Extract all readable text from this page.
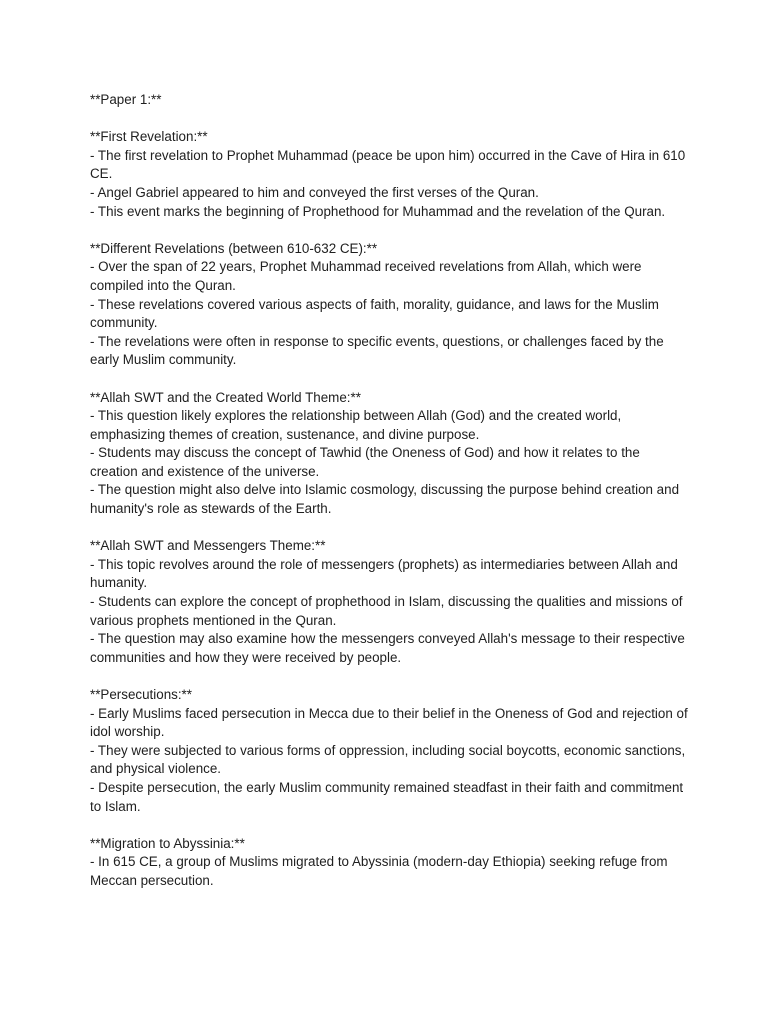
**Paper 1:**

**First Revelation:**

- The first revelation to Prophet Muhammad (peace be upon him) occurred in the Cave of Hira in 610 CE.

- Angel Gabriel appeared to him and conveyed the first verses of the Quran.

- This event marks the beginning of Prophethood for Muhammad and the revelation of the Quran.

**Different Revelations (between 610-632 CE):**

- Over the span of 22 years, Prophet Muhammad received revelations from Allah, which were compiled into the Quran.

- These revelations covered various aspects of faith, morality, guidance, and laws for the Muslim community.

- The revelations were often in response to specific events, questions, or challenges faced by the early Muslim community.

**Allah SWT and the Created World Theme:**

- This question likely explores the relationship between Allah (God) and the created world, emphasizing themes of creation, sustenance, and divine purpose.

- Students may discuss the concept of Tawhid (the Oneness of God) and how it relates to the creation and existence of the universe.

- The question might also delve into Islamic cosmology, discussing the purpose behind creation and humanity's role as stewards of the Earth.

**Allah SWT and Messengers Theme:**

- This topic revolves around the role of messengers (prophets) as intermediaries between Allah and humanity.

- Students can explore the concept of prophethood in Islam, discussing the qualities and missions of various prophets mentioned in the Quran.

- The question may also examine how the messengers conveyed Allah's message to their respective communities and how they were received by people.

**Persecutions:**

- Early Muslims faced persecution in Mecca due to their belief in the Oneness of God and rejection of idol worship.

- They were subjected to various forms of oppression, including social boycotts, economic sanctions, and physical violence.

- Despite persecution, the early Muslim community remained steadfast in their faith and commitment to Islam.

**Migration to Abyssinia:**

- In 615 CE, a group of Muslims migrated to Abyssinia (modern-day Ethiopia) seeking refuge from Meccan persecution.
